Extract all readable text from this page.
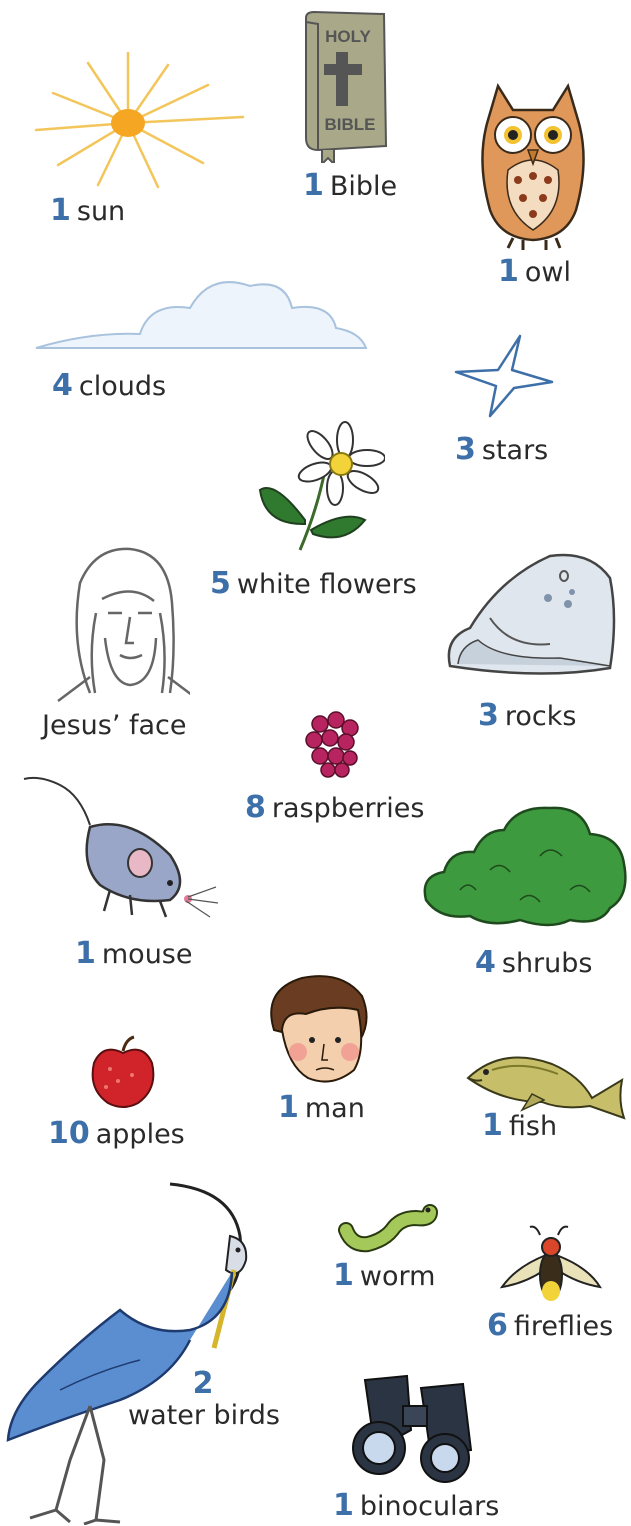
1 sun
HOLY
BIBLE
1 Bible
1 owl
4 clouds
3 stars
5 white flowers
Jesus’ face	3 rocks
8 raspberries
1 mouse	4 shrubs
1 man
10 apples	1 fish
2
water birds
1 worm
6 fireflies
1 binoculars
